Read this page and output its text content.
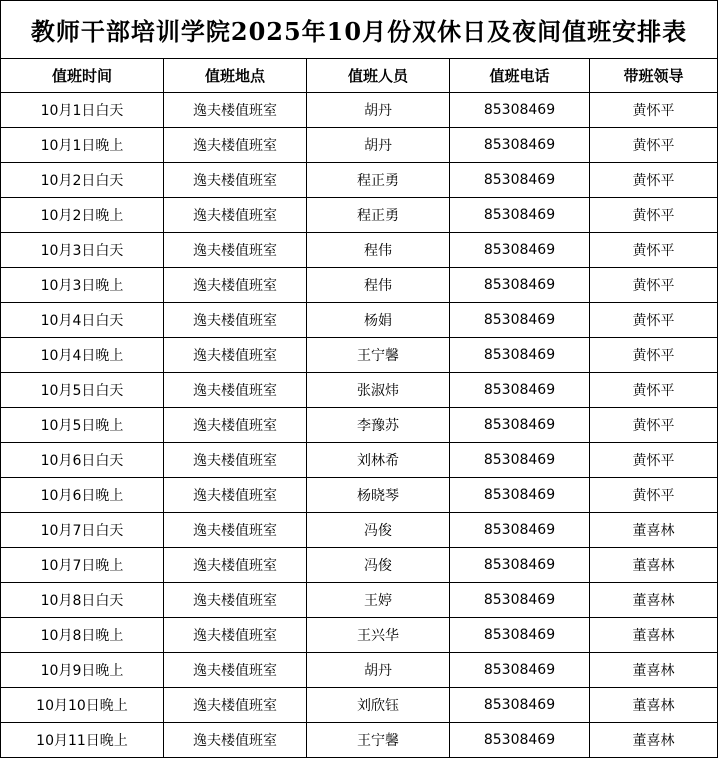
教师干部培训学院2025年10月份双休日及夜间值班安排表
值班时间	值班地点	值班人员	值班电话	带班领导
10月1日白天	逸夫楼值班室	胡丹	85308469	黄怀平
10月1日晚上	逸夫楼值班室	胡丹	85308469	黄怀平
10月2日白天	逸夫楼值班室	程正勇	85308469	黄怀平
10月2日晚上	逸夫楼值班室	程正勇	85308469	黄怀平
10月3日白天	逸夫楼值班室	程伟	85308469	黄怀平
10月3日晚上	逸夫楼值班室	程伟	85308469	黄怀平
10月4日白天	逸夫楼值班室	杨娟	85308469	黄怀平
10月4日晚上	逸夫楼值班室	王宁馨	85308469	黄怀平
10月5日白天	逸夫楼值班室	张淑炜	85308469	黄怀平
10月5日晚上	逸夫楼值班室	李豫苏	85308469	黄怀平
10月6日白天	逸夫楼值班室	刘林希	85308469	黄怀平
10月6日晚上	逸夫楼值班室	杨晓琴	85308469	黄怀平
10月7日白天	逸夫楼值班室	冯俊	85308469	董喜林
10月7日晚上	逸夫楼值班室	冯俊	85308469	董喜林
10月8日白天	逸夫楼值班室	王婷	85308469	董喜林
10月8日晚上	逸夫楼值班室	王兴华	85308469	董喜林
10月9日晚上	逸夫楼值班室	胡丹	85308469	董喜林
10月10日晚上	逸夫楼值班室	刘欣钰	85308469	董喜林
10月11日晚上	逸夫楼值班室	王宁馨	85308469	董喜林
